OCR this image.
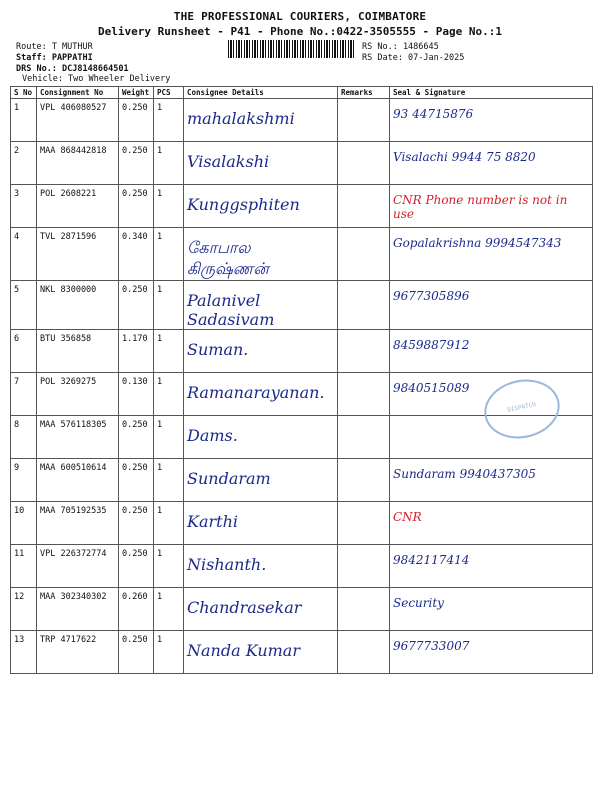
THE PROFESSIONAL COURIERS, COIMBATORE
Delivery Runsheet - P41 - Phone No.:0422-3505555 - Page No.:1
Route: T MUTHUR
Staff: PAPPATHI
DRS No.: DCJ8148664501
Vehicle: Two Wheeler Delivery
RS No.: 1486645
RS Date: 07-Jan-2025
S No	Consignment No	Weight	PCS	Consignee Details	Remarks	Seal & Signature
1	VPL 406080527	0.250	1	mahalakshmi		93 44715876

2	MAA 868442818	0.250	1	Visalakshi		Visalachi 9944 75 8820

3	POL 2608221	0.250	1	Kunggsphiten		CNR Phone number is not in use

4	TVL 2871596	0.340	1	கோபால கிருஷ்ணன்		Gopalakrishna 9994547343

5	NKL 8300000	0.250	1	Palanivel Sadasivam		9677305896

6	BTU 356858	1.170	1	Suman.		8459887912

7	POL 3269275	0.130	1	Ramanarayanan.		9840515089

8	MAA 576118305	0.250	1	Dams.		

9	MAA 600510614	0.250	1	Sundaram		Sundaram 9940437305

10	MAA 705192535	0.250	1	Karthi		CNR

11	VPL 226372774	0.250	1	Nishanth.		9842117414

12	MAA 302340302	0.260	1	Chandrasekar		Security

13	TRP 4717622	0.250	1	Nanda Kumar		9677733007
DISPATCH
